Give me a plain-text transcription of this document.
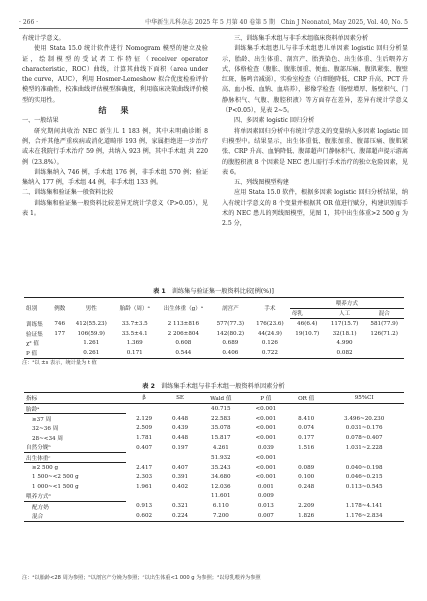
· 266 ·	中华新生儿科杂志 2025 年 5 月第 40 卷第 5 期　Chin J Neonatol, May 2025, Vol. 40, No. 5

有统计学意义。

使用 Stata 15.0 统计软件进行 Nomogram 模型的建立及验证，绘制模型的受试者工作特征（receiver operator characteristic，ROC）曲线，计算其曲线下面积（area under the curve，AUC），利用 Hosmer-Lemeshow 拟合优度检验评价模型的准确性，校准曲线评估模型准确度，利用临床决策曲线评价模型的实用性。

结　果

一、一般结果

研究期间共收治 NEC 新生儿 1 183 例，其中未明确诊断 8 例，合并其他严重疾病或消化道畸形 193 例，家属拒绝进一步治疗或未在我院行手术治疗 59 例，共纳入 923 例，其中手术组 共 220 例（23.8%）。

训练集纳入 746 例，手术组 176 例，非手术组 570 例；验证集纳入 177 例，手术组 44 例，非手术组 133 例。

二、训练集和验证集一般资料比较

训练集和验证集一般资料比较差异无统计学意义（P>0.05），见表 1。

三、训练集手术组与非手术组临床资料单因素分析

训练集手术组患儿与非手术组患儿单因素 logistic 回归分析显示，胎龄、出生体重、剖宫产、胎粪染色、出生体重、生后喂养方式，体格检查（腹胀、腹胀加重、便血、腹部压痛、腹肌紧张、腹壁红斑、肠鸣音减弱），实验室检查（白细胞降低、CRP 升高、PCT 升高、血小板、血钠、血培养），影像学检查（肠壁增厚、肠壁积气、门静脉积气、气腹、腹腔积液）等方面存在差异，差异有统计学意义（P<0.05），见表 2~5。

四、多因素 logistic 回归分析

将单因素回归分析中有统计学意义的变量纳入多因素 logistic 回归模型中。结果显示，出生体重低、腹胀加重、腹部压痛、腹肌紧张、CRP 升高、血钠降低、腹部超声门静脉积气、腹部超声提示游离的腹腔积液 8 个因素是 NEC 患儿需行手术治疗的独立危险因素，见表 6。

五、列线图模型构建

应用 Stata 15.0 软件，根据多因素 logistic 回归分析结果，纳入有统计学意义的 8 个变量并根据其 OR 值进行赋分，构建识别需手术的 NEC 患儿的列线图模型，见图 1，其中出生体重>2 500 g 为 2.5 分，

表 1 训练集与验证集一般资料比较[例(%)]
组别	例数	男性	胎龄（周）ᵃ	出生体重（g）ᵃ	剖宫产	手术	喂养方式		
							母乳	人工	混合
训练集	746	412(55.23)	33.7±3.5	2 113±816	577(77.3)	176(23.6)	46(6.4)	117(15.7)	581(77.9)
验证集	177	106(59.9)	33.5±4.1	2 206±804	142(80.2)	44(24.9)	19(10.7)	32(18.1)	126(71.2)
χ² 值		1.261	1.369	0.608	0.689	0.126		4.990	
P 值		0.261	0.171	0.544	0.406	0.722		0.082	
注：ᵃ以 ±s 表示，统计量为 t 值
表 2 训练集手术组与非手术组一般资料单因素分析
指标	β	SE	Wald 值	P 值	OR 值	95%CI
胎龄ᵃ			40.715	<0.001		
≥37 周	2.129	0.448	22.583	<0.001	8.410	3.496~20.230
32~36 周	2.509	0.439	35.078	<0.001	0.074	0.031~0.176
28~<34 周	1.781	0.448	15.817	<0.001	0.177	0.078~0.407
自然分娩ᵇ	0.407	0.197	4.261	0.039	1.516	1.031~2.228
出生体重ᶜ			51.932	<0.001		
≥2 500 g	2.417	0.407	35.243	<0.001	0.089	0.040~0.198
1 500~<2 500 g	2.303	0.391	34.680	<0.001	0.100	0.046~0.215
1 000~<1 500 g	1.961	0.402	12.036	0.001	0.248	0.113~0.545
喂养方式ᵈ			11.601	0.009		
配方奶	0.913	0.321	6.110	0.013	2.209	1.178~4.141
混合	0.602	0.224	7.200	0.007	1.826	1.176~2.834
注：ᵃ以胎龄<28 周为参照；ᵇ以剖宫产分娩为参照；ᶜ以出生体重<1 000 g 为参照；ᵈ以母乳喂养为参照
